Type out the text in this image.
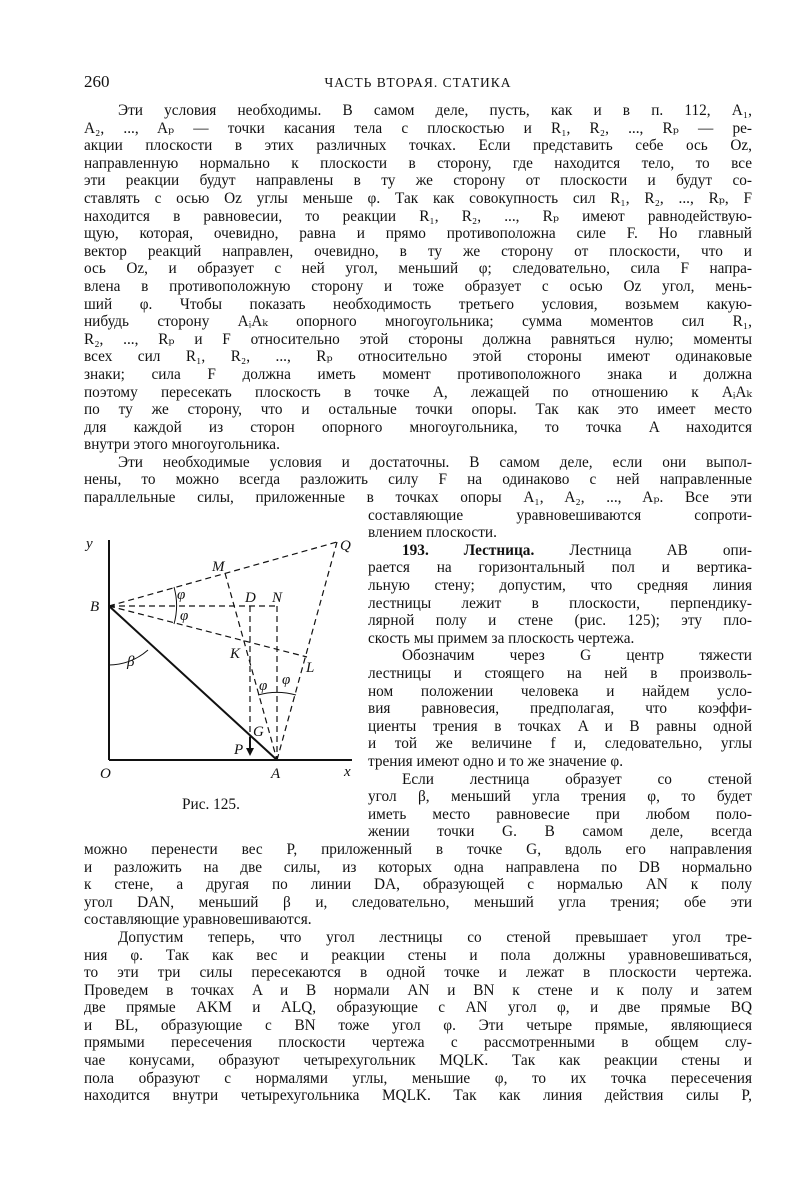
260	ЧАСТЬ ВТОРАЯ. СТАТИКА
Эти условия необходимы. В самом деле, пусть, как и в п. 112, A₁,
A₂, ..., Aₚ — точки касания тела с плоскостью и R₁, R₂, ..., Rₚ — ре-
акции плоскости в этих различных точках. Если представить себе ось Oz,
направленную нормально к плоскости в сторону, где находится тело, то все
эти реакции будут направлены в ту же сторону от плоскости и будут со-
ставлять с осью Oz углы меньше φ. Так как совокупность сил R₁, R₂, ..., Rₚ, F
находится в равновесии, то реакции R₁, R₂, ..., Rₚ имеют равнодействую-
щую, которая, очевидно, равна и прямо противоположна силе F. Но главный
вектор реакций направлен, очевидно, в ту же сторону от плоскости, что и
ось Oz, и образует с ней угол, меньший φ; следовательно, сила F напра-
влена в противоположную сторону и тоже образует с осью Oz угол, мень-
ший φ. Чтобы показать необходимость третьего условия, возьмем какую-
нибудь сторону AᵢAₖ опорного многоугольника; сумма моментов сил R₁,
R₂, ..., Rₚ и F относительно этой стороны должна равняться нулю; моменты
всех сил R₁, R₂, ..., Rₚ относительно этой стороны имеют одинаковые
знаки; сила F должна иметь момент противоположного знака и должна
поэтому пересекать плоскость в точке A, лежащей по отношению к AᵢAₖ
по ту же сторону, что и остальные точки опоры. Так как это имеет место
для каждой из сторон опорного многоугольника, то точка A находится
внутри этого многоугольника.
Эти необходимые условия и достаточны. В самом деле, если они выпол-
нены, то можно всегда разложить силу F на одинаково с ней направленные
параллельные силы, приложенные в точках опоры A₁, A₂, ..., Aₚ. Все эти
составляющие уравновешиваются сопроти-
влением плоскости.
193. Лестница. Лестница AB опи-
рается на горизонтальный пол и вертика-
льную стену; допустим, что средняя линия
лестницы лежит в плоскости, перпендику-
лярной полу и стене (рис. 125); эту пло-
скость мы примем за плоскость чертежа.
Обозначим через G центр тяжести
лестницы и стоящего на ней в произволь-
ном положении человека и найдем усло-
вия равновесия, предполагая, что коэффи-
циенты трения в точках A и B равны одной
и той же величине f и, следовательно, углы
трения имеют одно и то же значение φ.
Если лестница образует со стеной
угол β, меньший угла трения φ, то будет
иметь место равновесие при любом поло-
жении точки G. В самом деле, всегда
можно перенести вес P, приложенный в точке G, вдоль его направления
и разложить на две силы, из которых одна направлена по DB нормально
к стене, а другая по линии DA, образующей с нормалью AN к полу
угол DAN, меньший β и, следовательно, меньший угла трения; обе эти
составляющие уравновешиваются.
Допустим теперь, что угол лестницы со стеной превышает угол тре-
ния φ. Так как вес и реакции стены и пола должны уравновешиваться,
то эти три силы пересекаются в одной точке и лежат в плоскости чертежа.
Проведем в точках A и B нормали AN и BN к стене и к полу и затем
две прямые AKM и ALQ, образующие с AN угол φ, и две прямые BQ
и BL, образующие с BN тоже угол φ. Эти четыре прямые, являющиеся
прямыми пересечения плоскости чертежа с рассмотренными в общем слу-
чае конусами, образуют четырехугольник MQLK. Так как реакции стены и
пола образуют с нормалями углы, меньшие φ, то их точка пересечения
находится внутри четырехугольника MQLK. Так как линия действия силы P,
y
x
O	A
B
Q
M
D N
K
L
G
P
φ
φ
φ φ
β
Рис. 125.
